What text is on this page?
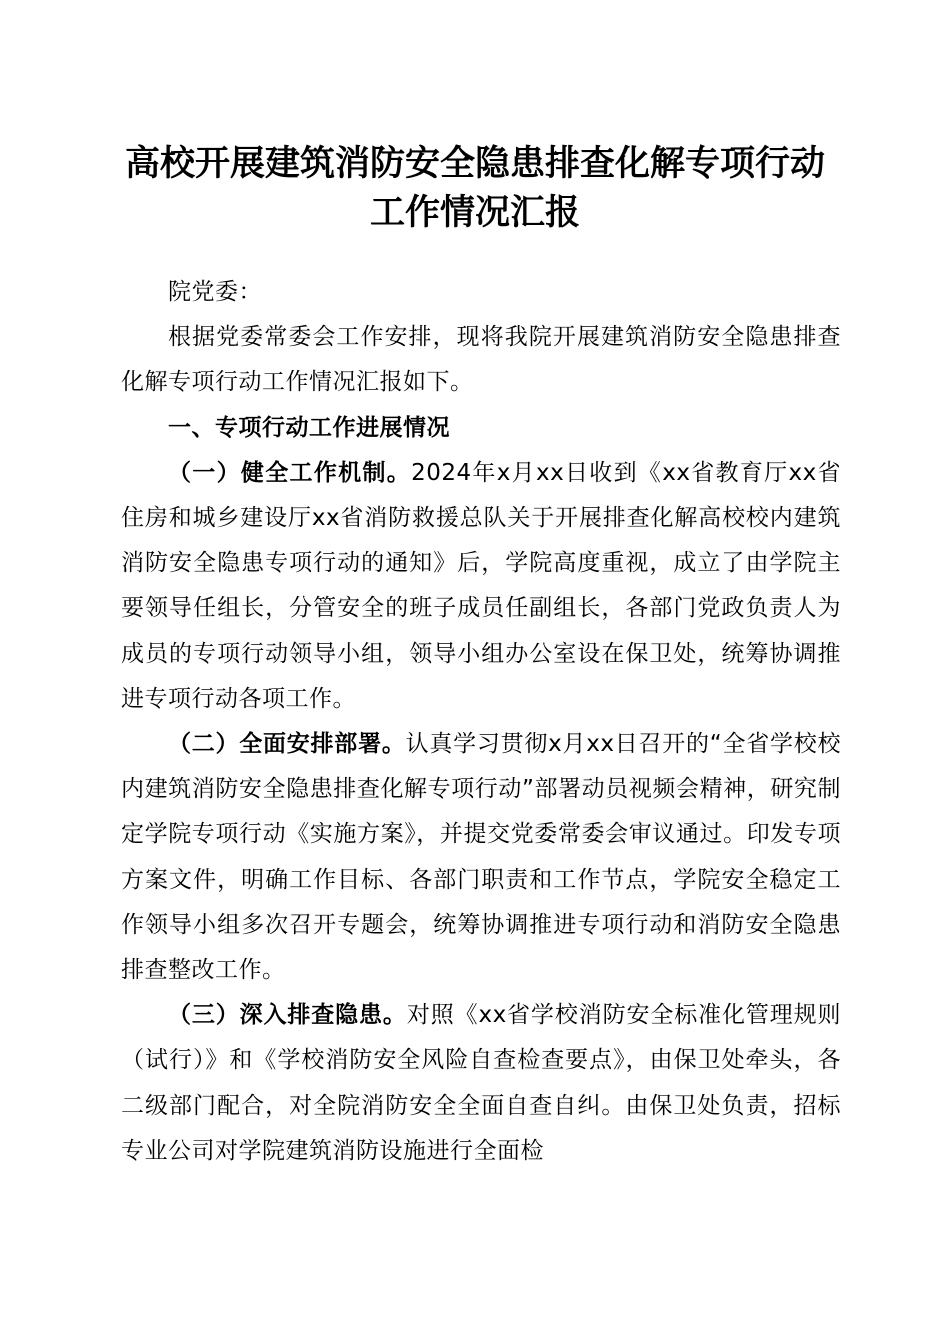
高校开展建筑消防安全隐患排查化解专项行动
工作情况汇报

院党委：

根据党委常委会工作安排，现将我院开展建筑消防安全隐患排查化解专项行动工作情况汇报如下。

一、专项行动工作进展情况

（一）健全工作机制。2024年x月xx日收到《xx省教育厅xx省住房和城乡建设厅xx省消防救援总队关于开展排查化解高校校内建筑消防安全隐患专项行动的通知》后，学院高度重视，成立了由学院主要领导任组长，分管安全的班子成员任副组长，各部门党政负责人为成员的专项行动领导小组，领导小组办公室设在保卫处，统筹协调推进专项行动各项工作。

（二）全面安排部署。认真学习贯彻x月xx日召开的“全省学校校内建筑消防安全隐患排查化解专项行动”部署动员视频会精神，研究制定学院专项行动《实施方案》，并提交党委常委会审议通过。印发专项方案文件，明确工作目标、各部门职责和工作节点，学院安全稳定工作领导小组多次召开专题会，统筹协调推进专项行动和消防安全隐患排查整改工作。

（三）深入排查隐患。对照《xx省学校消防安全标准化管理规则（试行）》和《学校消防安全风险自查检查要点》，由保卫处牵头，各二级部门配合，对全院消防安全全面自查自纠。由保卫处负责，招标专业公司对学院建筑消防设施进行全面检
